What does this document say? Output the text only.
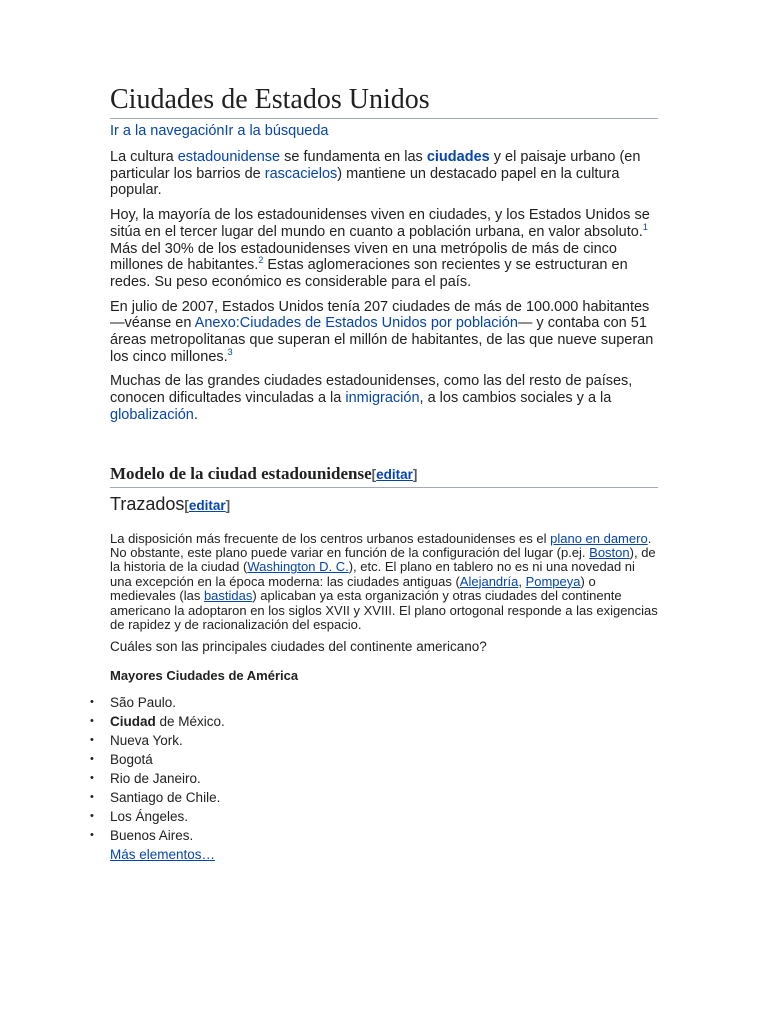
Ciudades de Estados Unidos
Ir a la navegaciónIr a la búsqueda

La cultura estadounidense se fundamenta en las ciudades y el paisaje urbano (en particular los barrios de rascacielos) mantiene un destacado papel en la cultura popular.

Hoy, la mayoría de los estadounidenses viven en ciudades, y los Estados Unidos se sitúa en el tercer lugar del mundo en cuanto a población urbana, en valor absoluto.$^1$ Más del 30% de los estadounidenses viven en una metrópolis de más de cinco millones de habitantes.$^2$ Estas aglomeraciones son recientes y se estructuran en redes. Su peso económico es considerable para el país.

En julio de 2007, Estados Unidos tenía 207 ciudades de más de 100.000 habitantes —véanse en Anexo:Ciudades de Estados Unidos por población— y contaba con 51 áreas metropolitanas que superan el millón de habitantes, de las que nueve superan los cinco millones.$^3$

Muchas de las grandes ciudades estadounidenses, como las del resto de países, conocen dificultades vinculadas a la inmigración, a los cambios sociales y a la globalización.

Modelo de la ciudad estadounidense[editar]
Trazados[editar]

La disposición más frecuente de los centros urbanos estadounidenses es el plano en damero. No obstante, este plano puede variar en función de la configuración del lugar (p.ej. Boston), de la historia de la ciudad (Washington D. C.), etc. El plano en tablero no es ni una novedad ni una excepción en la época moderna: las ciudades antiguas (Alejandría, Pompeya) o medievales (las bastidas) aplicaban ya esta organización y otras ciudades del continente americano la adoptaron en los siglos XVII y XVIII. El plano ortogonal responde a las exigencias de rapidez y de racionalización del espacio.

Cuáles son las principales ciudades del continente americano?

Mayores Ciudades de América
• São Paulo.
• Ciudad de México.
• Nueva York.
• Bogotá
• Rio de Janeiro.
• Santiago de Chile.
• Los Ángeles.
• Buenos Aires.
Más elementos…
